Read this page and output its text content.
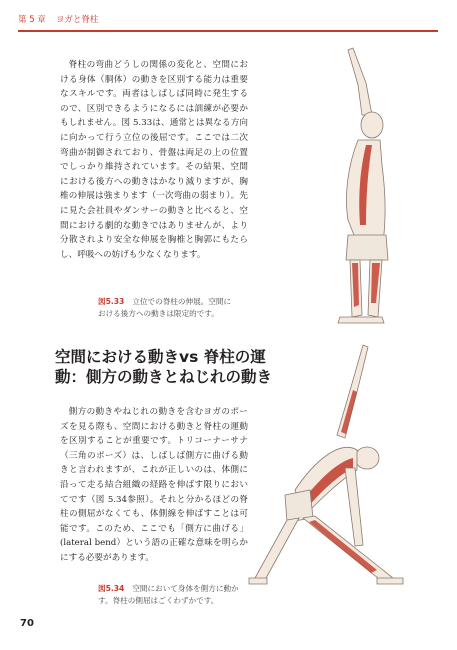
第 5 章 ヨガと脊柱

脊柱の弯曲どうしの関係の変化と、空間における身体（胴体）の動きを区別する能力は重要なスキルです。両者はしばしば同時に発生するので、区別できるようになるには訓練が必要かもしれません。図 5.33は、通常とは異なる方向に向かって行う立位の後屈です。ここでは二次弯曲が制御されており、骨盤は両足の上の位置でしっかり維持されています。その結果、空間における後方への動きはかなり減りますが、胸椎の伸展は強まります（一次弯曲の弱まり）。先に見た会社員やダンサーの動きと比べると、空間における劇的な動きではありませんが、より分散されより安全な伸展を胸椎と胸郭にもたらし、呼吸への妨げも少なくなります。

図5.33 立位での脊柱の伸展。空間における後方への動きは限定的です。
空間における動きvs 脊柱の運動：側方の動きとねじれの動き

側方の動きやねじれの動きを含むヨガのポーズを見る際も、空間における動きと脊柱の運動を区別することが重要です。トリコーナーサナ（三角のポーズ）は、しばしば側方に曲げる動きと言われますが、これが正しいのは、体側に沿って走る結合組織の経路を伸ばす限りにおいてです（図 5.34参照）。それと分かるほどの脊柱の側屈がなくても、体側線を伸ばすことは可能です。このため、ここでも「側方に曲げる」(lateral bend）という語の正確な意味を明らかにする必要があります。

図5.34 空間において身体を側方に動かす。脊柱の側屈はごくわずかです。
70
